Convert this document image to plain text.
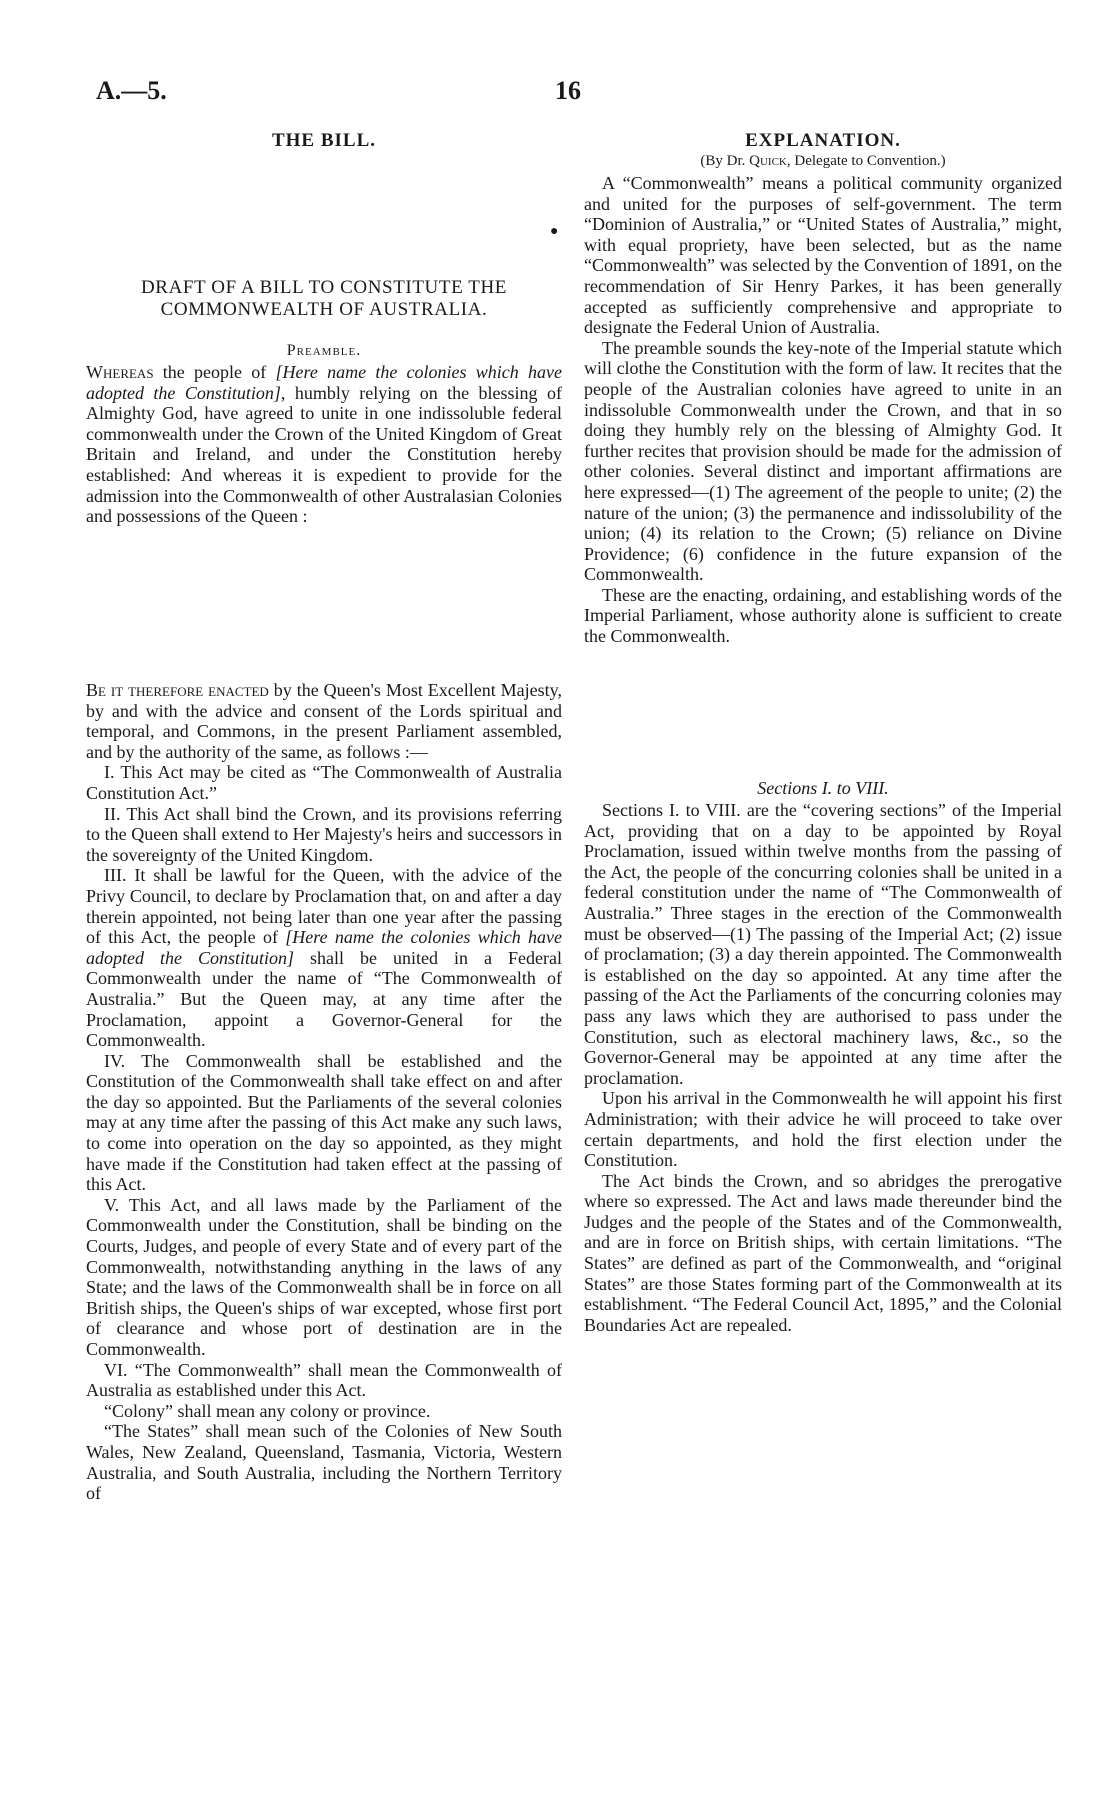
A.—5.	16
THE BILL.
DRAFT OF A BILL TO CONSTITUTE THE
COMMONWEALTH OF AUSTRALIA.
Preamble.

Whereas the people of [Here name the colonies which have adopted the Constitution], humbly relying on the blessing of Almighty God, have agreed to unite in one indissoluble federal commonwealth under the Crown of the United Kingdom of Great Britain and Ireland, and under the Constitution hereby established: And whereas it is expedient to provide for the admission into the Commonwealth of other Australasian Colonies and possessions of the Queen :

Be it therefore enacted by the Queen's Most Excellent Majesty, by and with the advice and consent of the Lords spiritual and temporal, and Commons, in the present Parliament assembled, and by the authority of the same, as follows :—

I. This Act may be cited as “The Commonwealth of Australia Constitution Act.”

II. This Act shall bind the Crown, and its provisions referring to the Queen shall extend to Her Majesty's heirs and successors in the sovereignty of the United Kingdom.

III. It shall be lawful for the Queen, with the advice of the Privy Council, to declare by Proclamation that, on and after a day therein appointed, not being later than one year after the passing of this Act, the people of [Here name the colonies which have adopted the Constitution] shall be united in a Federal Commonwealth under the name of “The Commonwealth of Australia.” But the Queen may, at any time after the Proclamation, appoint a Governor-General for the Commonwealth.

IV. The Commonwealth shall be established and the Constitution of the Commonwealth shall take effect on and after the day so appointed. But the Parliaments of the several colonies may at any time after the passing of this Act make any such laws, to come into operation on the day so appointed, as they might have made if the Constitution had taken effect at the passing of this Act.

V. This Act, and all laws made by the Parliament of the Commonwealth under the Constitution, shall be binding on the Courts, Judges, and people of every State and of every part of the Commonwealth, notwithstanding anything in the laws of any State; and the laws of the Commonwealth shall be in force on all British ships, the Queen's ships of war excepted, whose first port of clearance and whose port of destination are in the Commonwealth.

VI. “The Commonwealth” shall mean the Commonwealth of Australia as established under this Act.

“Colony” shall mean any colony or province.

“The States” shall mean such of the Colonies of New South Wales, New Zealand, Queensland, Tasmania, Victoria, Western Australia, and South Australia, including the Northern Territory of

EXPLANATION.
(By Dr. Quick, Delegate to Convention.)
●

A “Commonwealth” means a political community organized and united for the purposes of self-government. The term “Dominion of Australia,” or “United States of Australia,” might, with equal propriety, have been selected, but as the name “Commonwealth” was selected by the Convention of 1891, on the recommendation of Sir Henry Parkes, it has been generally accepted as sufficiently comprehensive and appropriate to designate the Federal Union of Australia.

The preamble sounds the key-note of the Imperial statute which will clothe the Constitution with the form of law. It recites that the people of the Australian colonies have agreed to unite in an indissoluble Commonwealth under the Crown, and that in so doing they humbly rely on the blessing of Almighty God. It further recites that provision should be made for the admission of other colonies. Several distinct and important affirmations are here expressed—(1) The agreement of the people to unite; (2) the nature of the union; (3) the permanence and indissolubility of the union; (4) its relation to the Crown; (5) reliance on Divine Providence; (6) confidence in the future expansion of the Commonwealth.

These are the enacting, ordaining, and establishing words of the Imperial Parliament, whose authority alone is sufficient to create the Commonwealth.

Sections I. to VIII.

Sections I. to VIII. are the “covering sections” of the Imperial Act, providing that on a day to be appointed by Royal Proclamation, issued within twelve months from the passing of the Act, the people of the concurring colonies shall be united in a federal constitution under the name of “The Commonwealth of Australia.” Three stages in the erection of the Commonwealth must be observed—(1) The passing of the Imperial Act; (2) issue of proclamation; (3) a day therein appointed. The Commonwealth is established on the day so appointed. At any time after the passing of the Act the Parliaments of the concurring colonies may pass any laws which they are authorised to pass under the Constitution, such as electoral machinery laws, &c., so the Governor-General may be appointed at any time after the proclamation.

Upon his arrival in the Commonwealth he will appoint his first Administration; with their advice he will proceed to take over certain departments, and hold the first election under the Constitution.

The Act binds the Crown, and so abridges the prerogative where so expressed. The Act and laws made thereunder bind the Judges and the people of the States and of the Commonwealth, and are in force on British ships, with certain limitations. “The States” are defined as part of the Commonwealth, and “original States” are those States forming part of the Commonwealth at its establishment. “The Federal Council Act, 1895,” and the Colonial Boundaries Act are repealed.
